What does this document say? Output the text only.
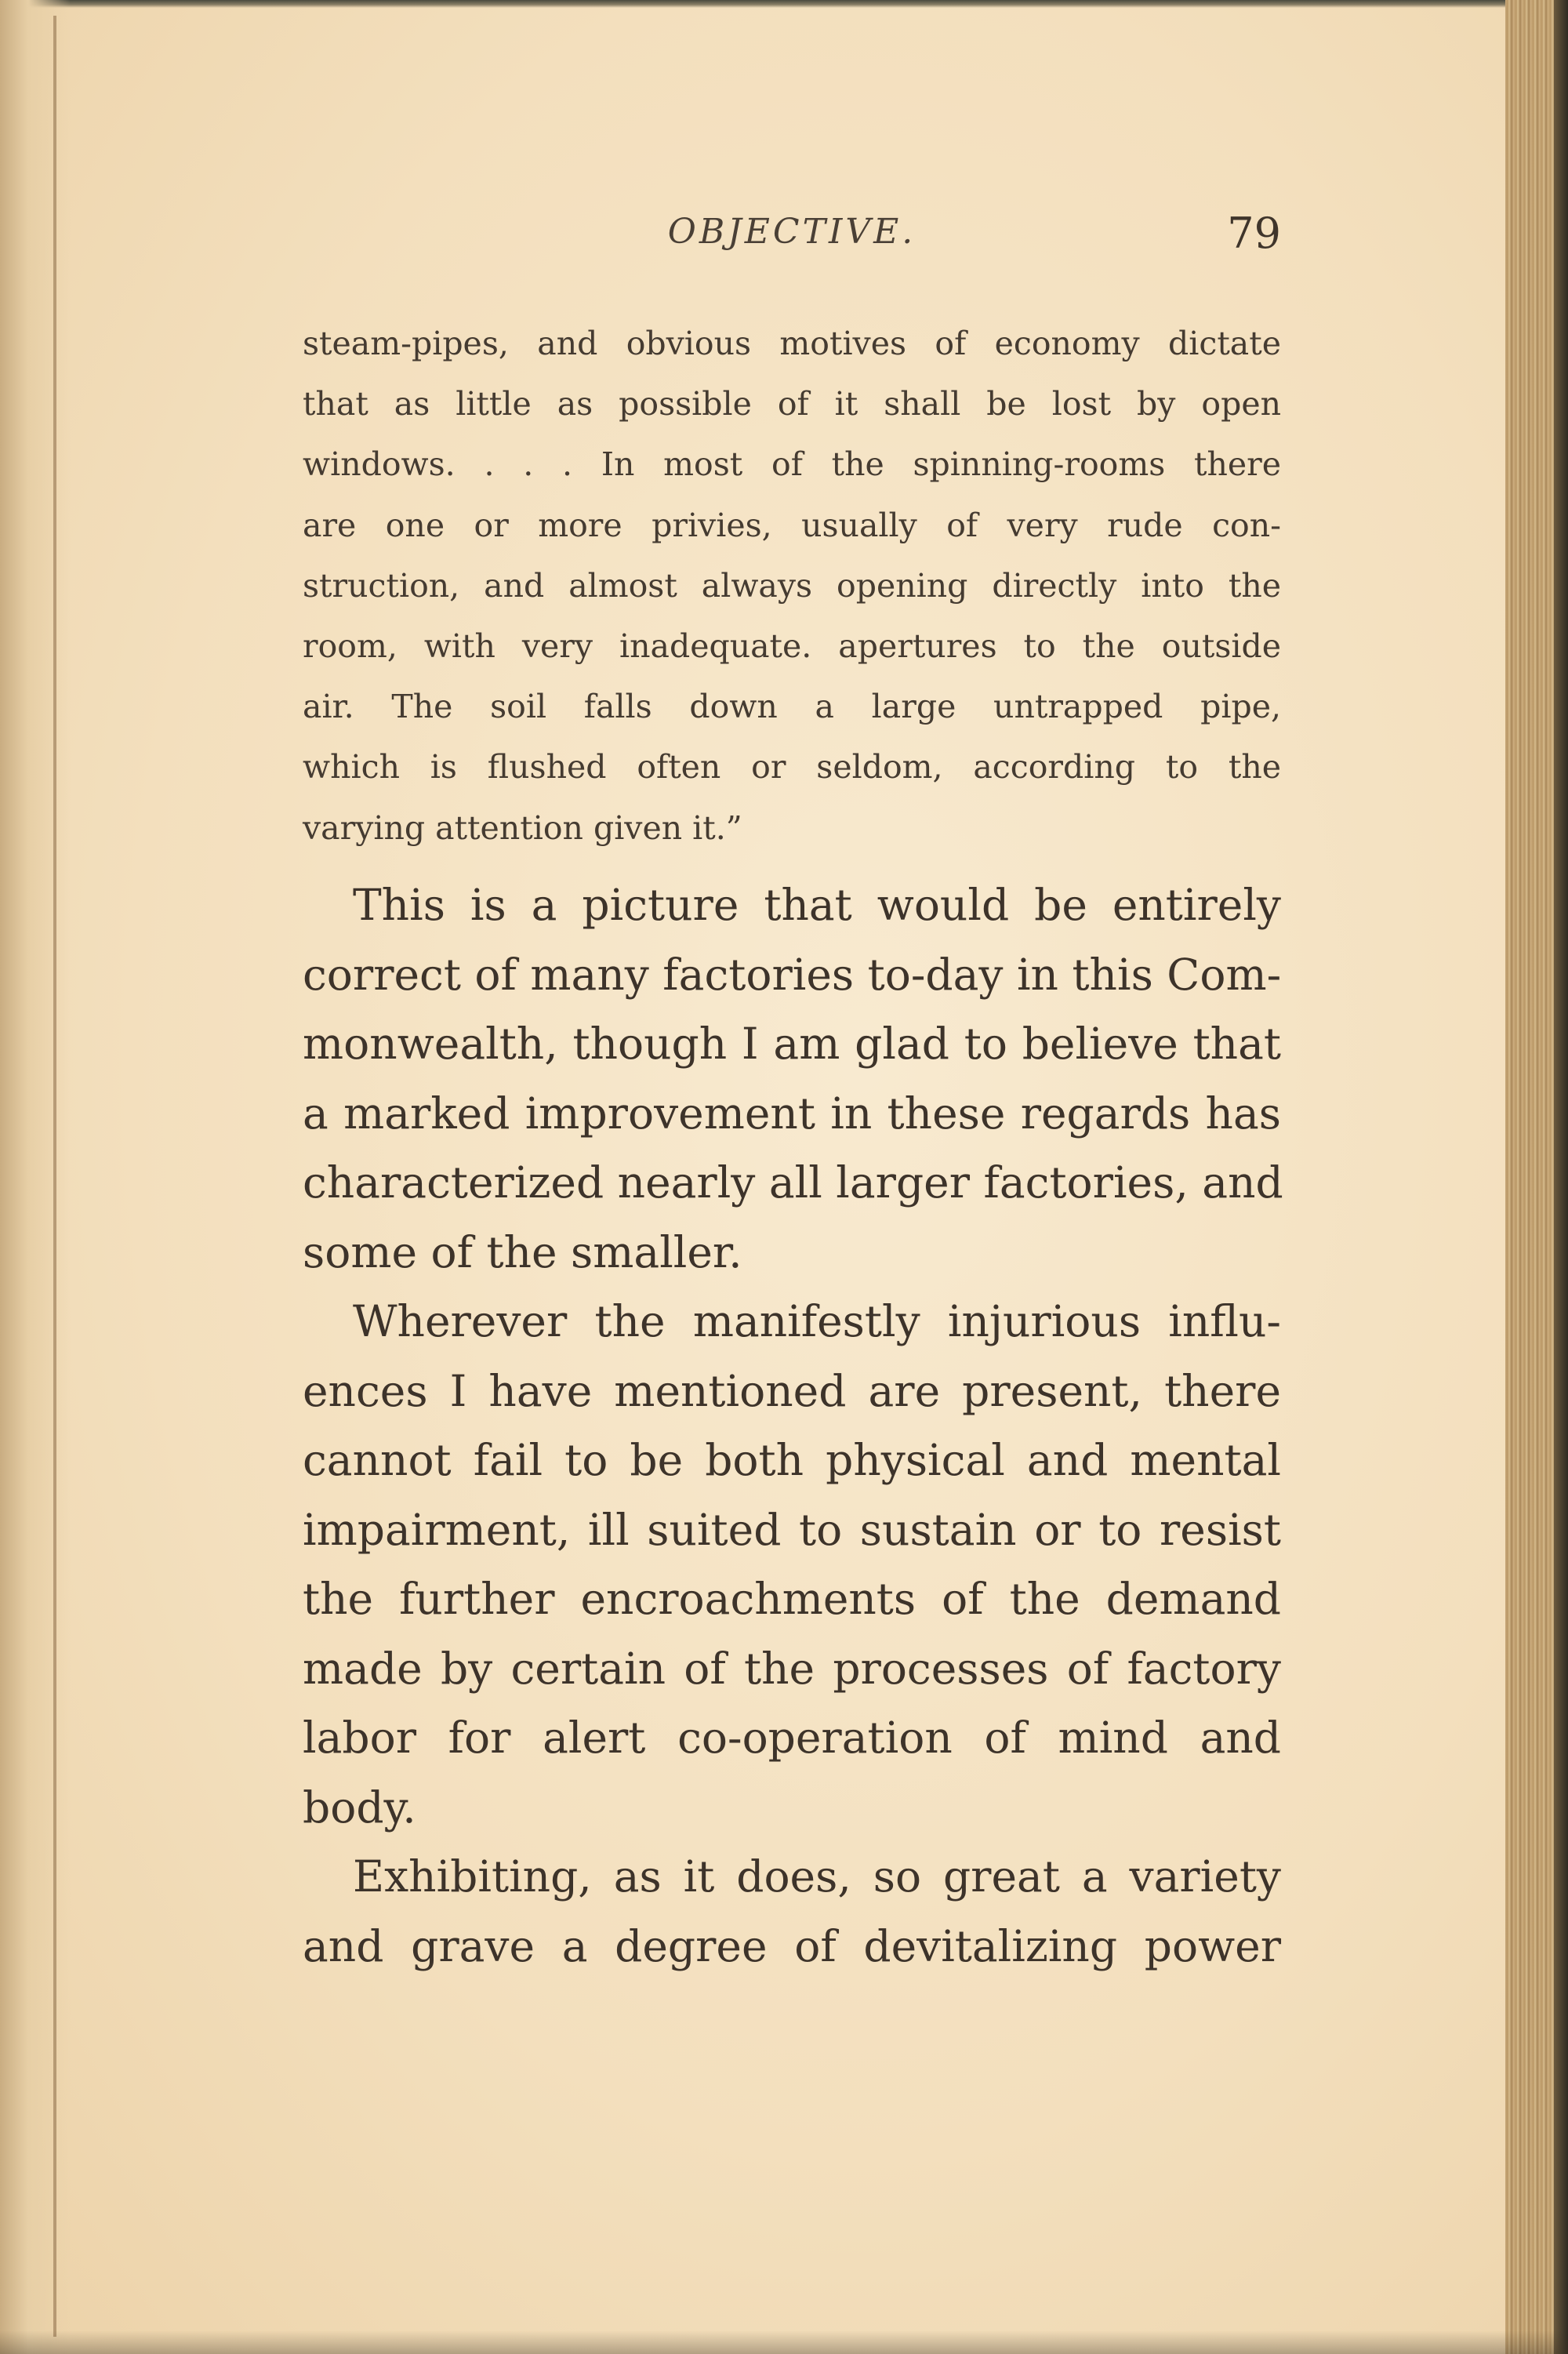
OBJECTIVE.	79
steam-pipes, and obvious motives of economy dictate
that as little as possible of it shall be lost by open
windows. . . . In most of the spinning-rooms there
are one or more privies, usually of very rude con-
struction, and almost always opening directly into the
room, with very inadequate. apertures to the outside
air. The soil falls down a large untrapped pipe,
which is flushed often or seldom, according to the
varying attention given it.”
This is a picture that would be entirely
correct of many factories to-day in this Com-
monwealth, though I am glad to believe that
a marked improvement in these regards has
characterized nearly all larger factories, and
some of the smaller.
Wherever the manifestly injurious influ-
ences I have mentioned are present, there
cannot fail to be both physical and mental
impairment, ill suited to sustain or to resist
the further encroachments of the demand
made by certain of the processes of factory
labor for alert co-operation of mind and
body.
Exhibiting, as it does, so great a variety
and grave a degree of devitalizing power
